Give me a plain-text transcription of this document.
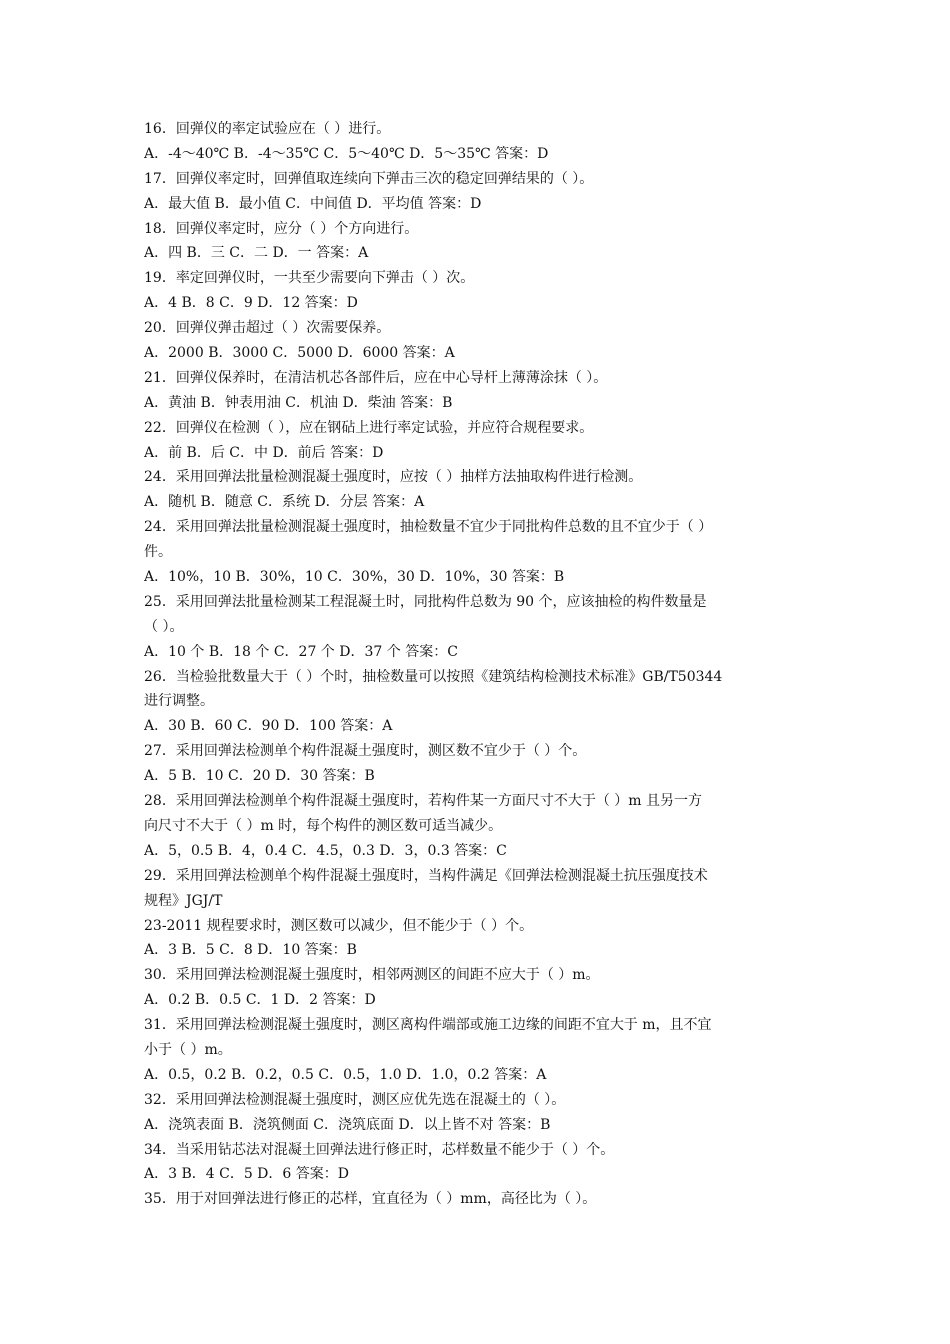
16．回弹仪的率定试验应在（ ）进行。
A．-4～40℃ B．-4～35℃ C．5～40℃ D．5～35℃ 答案：D
17．回弹仪率定时，回弹值取连续向下弹击三次的稳定回弹结果的（ ）。
A．最大值 B．最小值 C．中间值 D．平均值 答案：D
18．回弹仪率定时，应分（ ）个方向进行。
A．四 B．三 C．二 D．一 答案：A
19．率定回弹仪时，一共至少需要向下弹击（ ）次。
A．4 B．8 C．9 D．12 答案：D
20．回弹仪弹击超过（ ）次需要保养。
A．2000 B．3000 C．5000 D．6000 答案：A
21．回弹仪保养时，在清洁机芯各部件后，应在中心导杆上薄薄涂抹（ ）。
A．黄油 B．钟表用油 C．机油 D．柴油 答案：B
22．回弹仪在检测（ ），应在钢砧上进行率定试验，并应符合规程要求。
A．前 B．后 C．中 D．前后 答案：D
24．采用回弹法批量检测混凝土强度时，应按（ ）抽样方法抽取构件进行检测。
A．随机 B．随意 C．系统 D．分层 答案：A
24．采用回弹法批量检测混凝土强度时，抽检数量不宜少于同批构件总数的且不宜少于（ ）
件。
A．10%，10 B．30%，10 C．30%，30 D．10%，30 答案：B
25．采用回弹法批量检测某工程混凝土时，同批构件总数为 90 个，应该抽检的构件数量是
（ ）。
A．10 个 B．18 个 C．27 个 D．37 个 答案：C
26．当检验批数量大于（ ）个时，抽检数量可以按照《建筑结构检测技术标准》GB/T50344
进行调整。
A．30 B．60 C．90 D．100 答案：A
27．采用回弹法检测单个构件混凝土强度时，测区数不宜少于（ ）个。
A．5 B．10 C．20 D．30 答案：B
28．采用回弹法检测单个构件混凝土强度时，若构件某一方面尺寸不大于（ ）m 且另一方
向尺寸不大于（ ）m 时，每个构件的测区数可适当减少。
A．5，0.5 B．4，0.4 C．4.5，0.3 D．3，0.3 答案：C
29．采用回弹法检测单个构件混凝土强度时，当构件满足《回弹法检测混凝土抗压强度技术
规程》JGJ/T
23-2011 规程要求时，测区数可以减少，但不能少于（ ）个。
A．3 B．5 C．8 D．10 答案：B
30．采用回弹法检测混凝土强度时，相邻两测区的间距不应大于（ ）m。
A．0.2 B．0.5 C．1 D．2 答案：D
31．采用回弹法检测混凝土强度时，测区离构件端部或施工边缘的间距不宜大于 m，且不宜
小于（ ）m。
A．0.5，0.2 B．0.2，0.5 C．0.5，1.0 D．1.0，0.2 答案：A
32．采用回弹法检测混凝土强度时，测区应优先选在混凝土的（ ）。
A．浇筑表面 B．浇筑侧面 C．浇筑底面 D．以上皆不对 答案：B
34．当采用钻芯法对混凝土回弹法进行修正时，芯样数量不能少于（ ）个。
A．3 B．4 C．5 D．6 答案：D
35．用于对回弹法进行修正的芯样，宜直径为（ ）mm，高径比为（ ）。
